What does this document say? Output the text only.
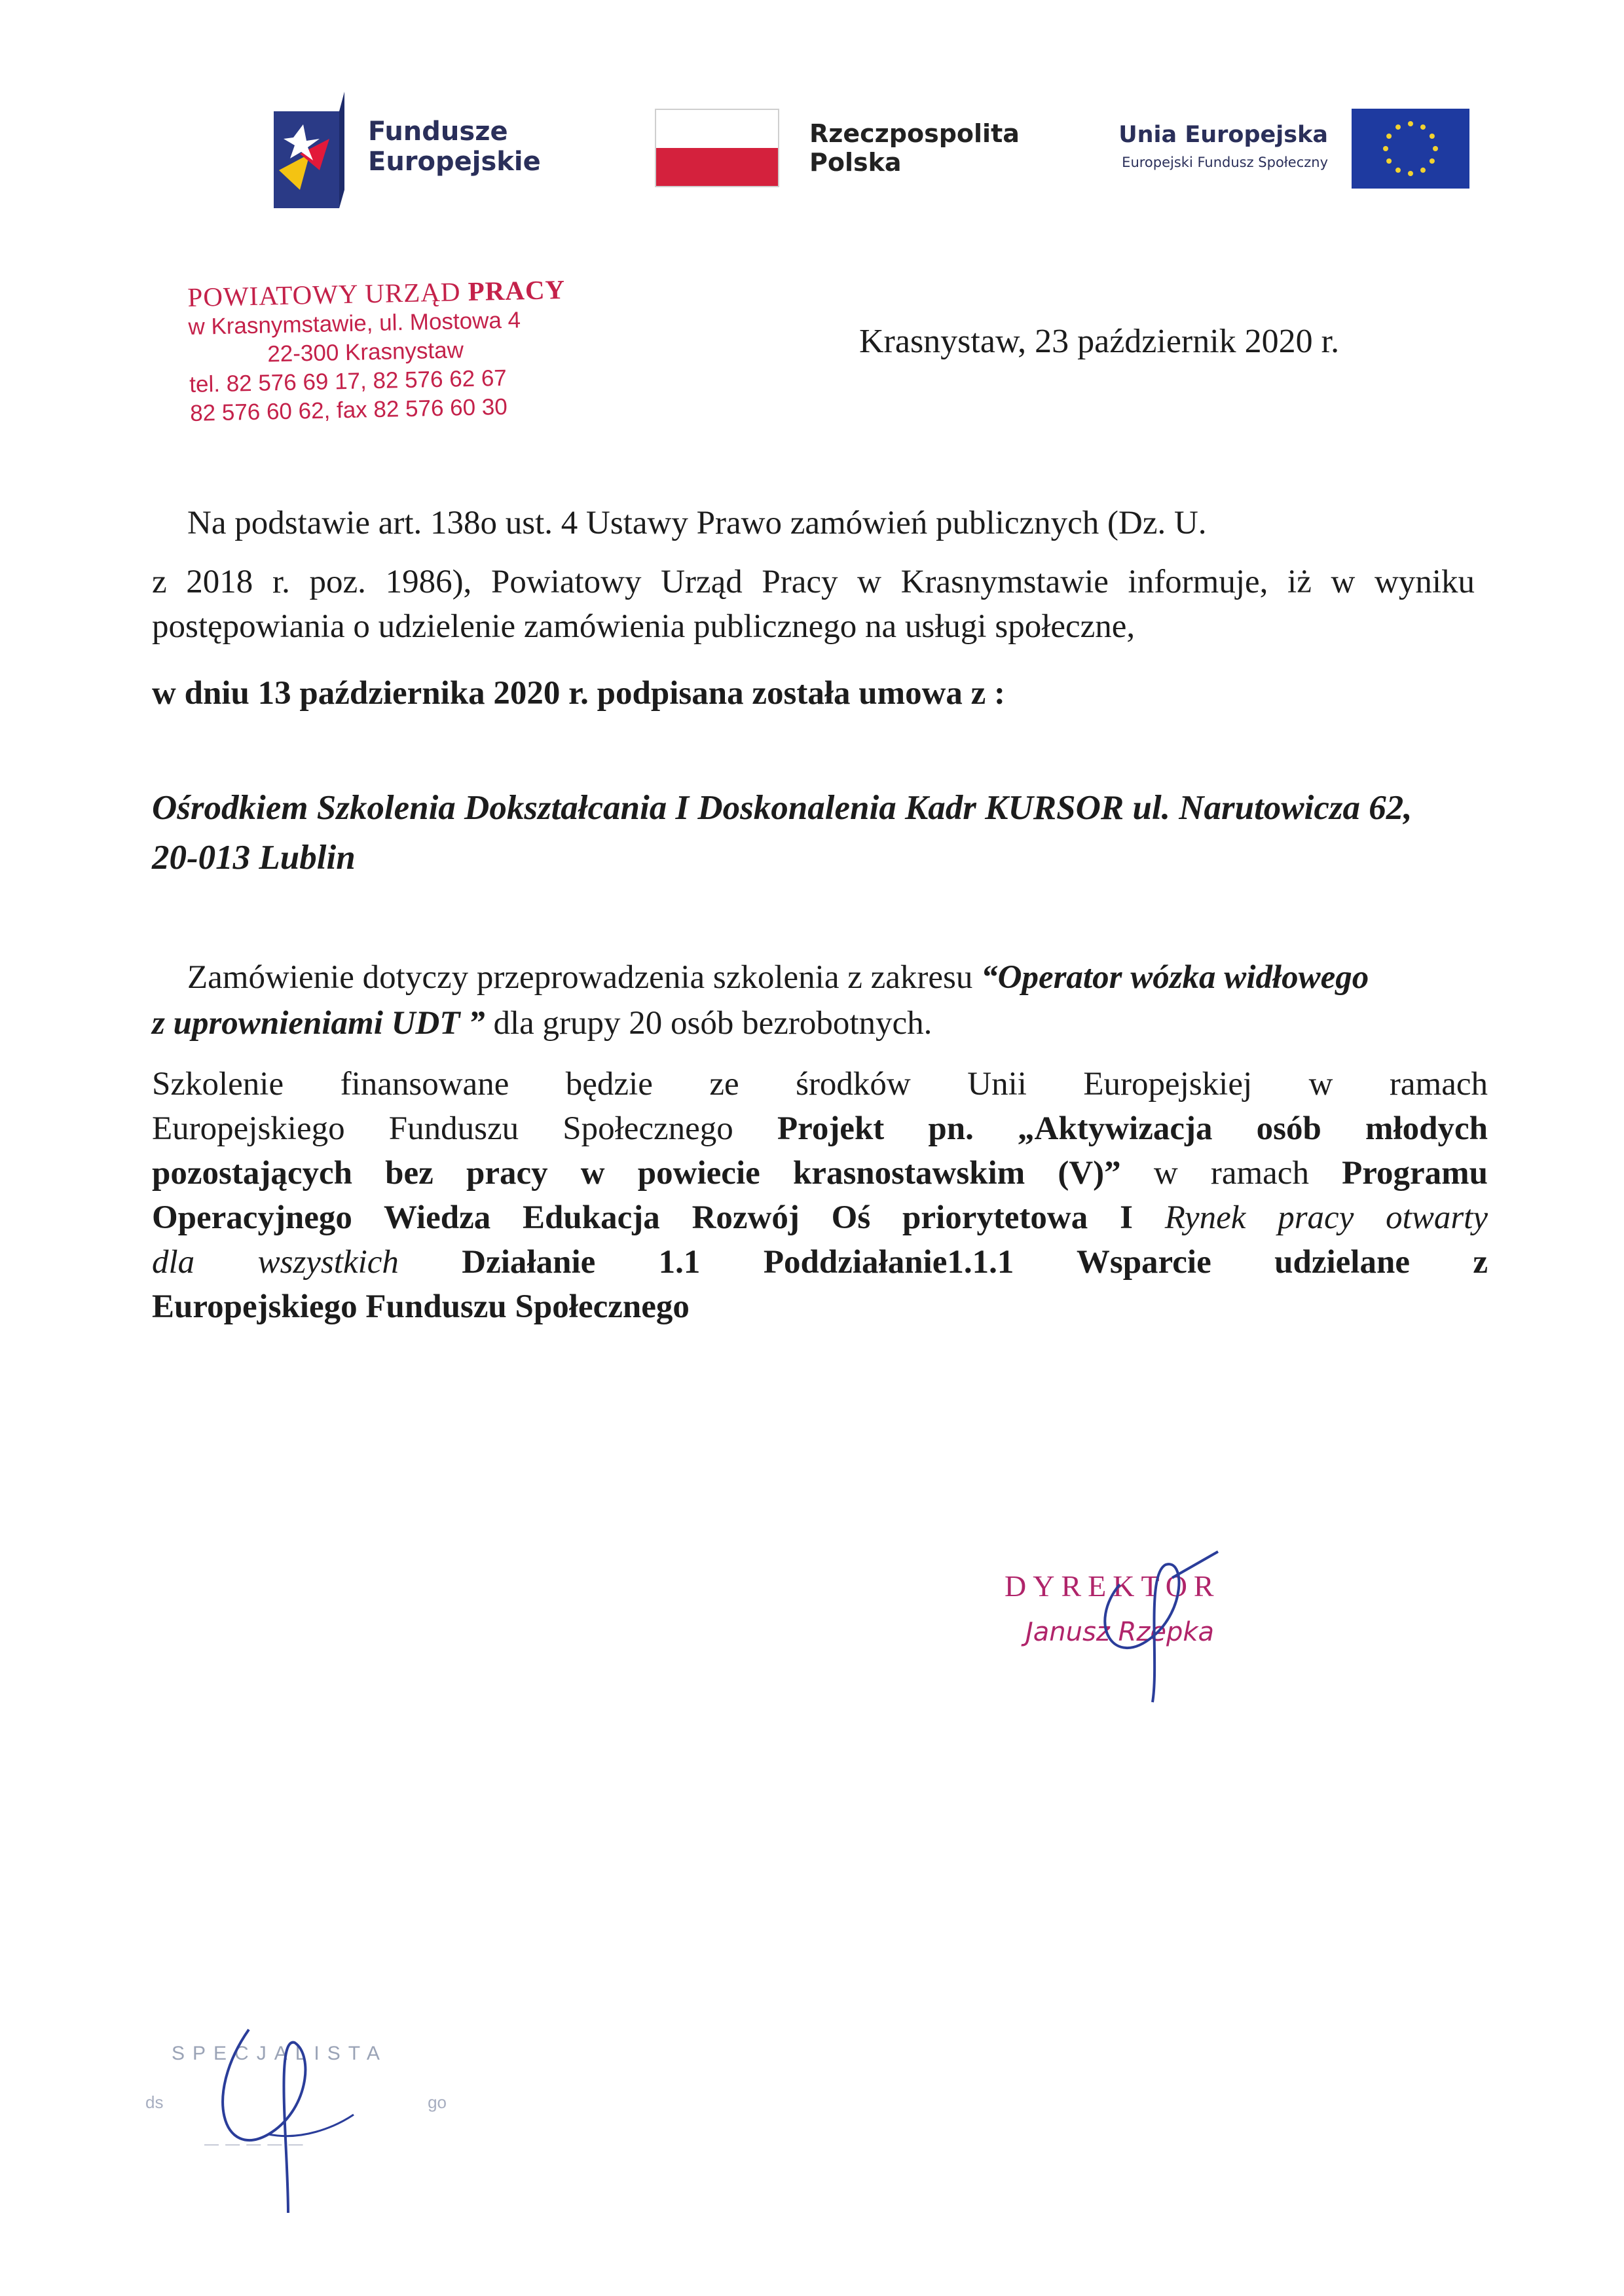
Fundusze
Europejskie
Rzeczpospolita
Polska
Unia Europejska
Europejski Fundusz Społeczny
POWIATOWY URZĄD PRACY
w Krasnymstawie, ul. Mostowa 4
22-300 Krasnystaw
tel. 82 576 69 17, 82 576 62 67
82 576 60 62, fax 82 576 60 30
Krasnystaw, 23 październik 2020 r.
Na podstawie art. 138o ust. 4 Ustawy Prawo zamówień publicznych (Dz. U.
z 2018 r. poz. 1986), Powiatowy Urząd Pracy w Krasnymstawie informuje, iż w wyniku
postępowiania o udzielenie zamówienia publicznego na usługi społeczne,
w dniu 13 października 2020 r. podpisana została umowa z :
Ośrodkiem Szkolenia Dokształcania I Doskonalenia Kadr KURSOR ul. Narutowicza 62,
20-013 Lublin
Zamówienie dotyczy przeprowadzenia szkolenia z zakresu “Operator wózka widłowego
z uprownieniami UDT ” dla grupy 20 osób bezrobotnych.
Szkolenie finansowane będzie ze środków Unii Europejskiej w ramach
Europejskiego Funduszu Społecznego Projekt pn. „Aktywizacja osób młodych
pozostających bez pracy w powiecie krasnostawskim (V)” w ramach Programu
Operacyjnego Wiedza Edukacja Rozwój Oś priorytetowa I Rynek pracy otwarty
dla wszystkich Działanie 1.1 Poddziałanie1.1.1 Wsparcie udzielane z
Europejskiego Funduszu Społecznego
DYREKTOR
Janusz Rzepka
SPECJALISTA
ds	go
— — — — —
